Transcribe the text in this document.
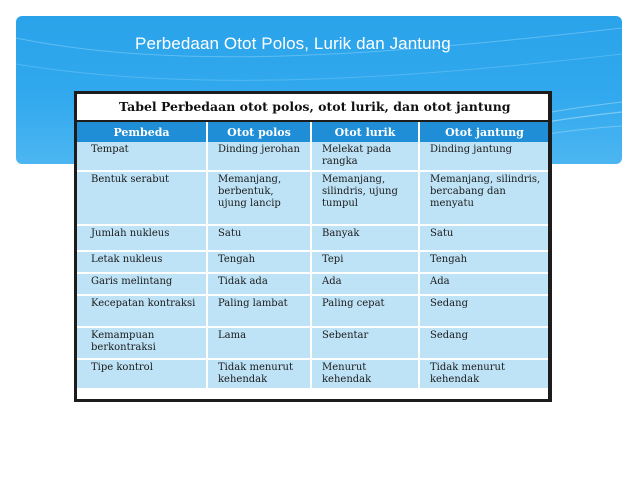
Perbedaan Otot Polos, Lurik dan Jantung
Tabel Perbedaan otot polos, otot lurik, dan otot jantung
Pembeda	Otot polos	Otot lurik	Otot jantung
Tempat	Dinding jerohan	Melekat pada rangka	Dinding jantung
Bentuk serabut	Memanjang, berbentuk, ujung lancip	Memanjang, silindris, ujung tumpul	Memanjang, silindris, bercabang dan menyatu
Jumlah nukleus	Satu	Banyak	Satu
Letak nukleus	Tengah	Tepi	Tengah
Garis melintang	Tidak ada	Ada	Ada
Kecepatan kontraksi	Paling lambat	Paling cepat	Sedang
Kemampuan berkontraksi	Lama	Sebentar	Sedang
Tipe kontrol	Tidak menurut kehendak	Menurut kehendak	Tidak menurut kehendak
